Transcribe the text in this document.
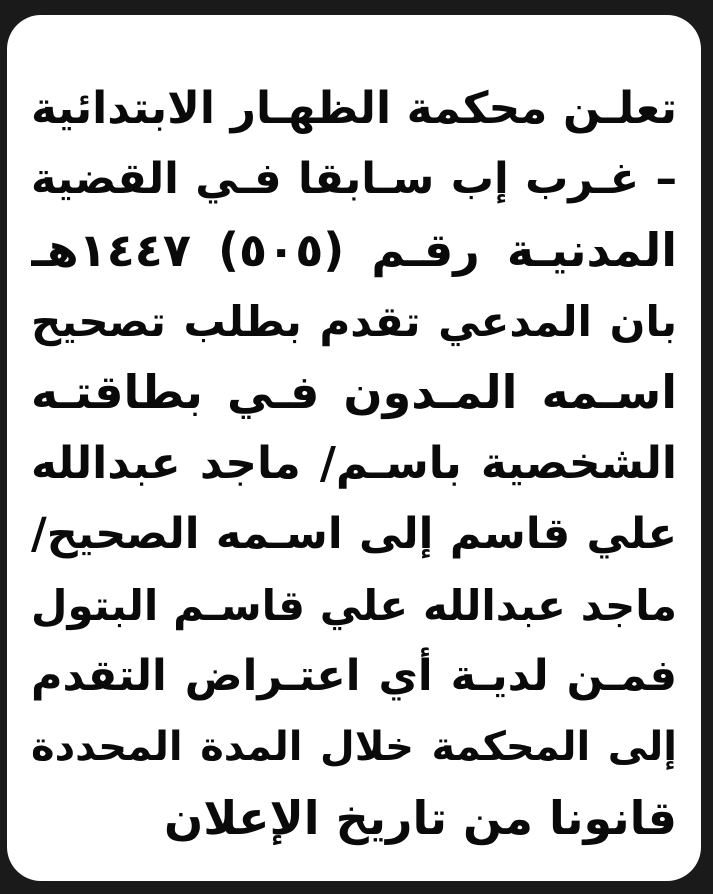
تعلـن محكمة الظهـار الابتدائية
– غـرب إب سـابقا فـي القضية
المدنيـة رقـم (٥٠٥) ١٤٤٧هـ
بان المدعي تقدم بطلب تصحيح
اسـمه المـدون فـي بطاقتـه
الشخصية باسـم/ ماجد عبدالله
علي قاسم إلى اسـمه الصحيح/
ماجد عبدالله علي قاسـم البتول
فمـن لديـة أي اعتـراض التقدم
إلى المحكمة خلال المدة المحددة
قانونا من تاريخ الإعلان
